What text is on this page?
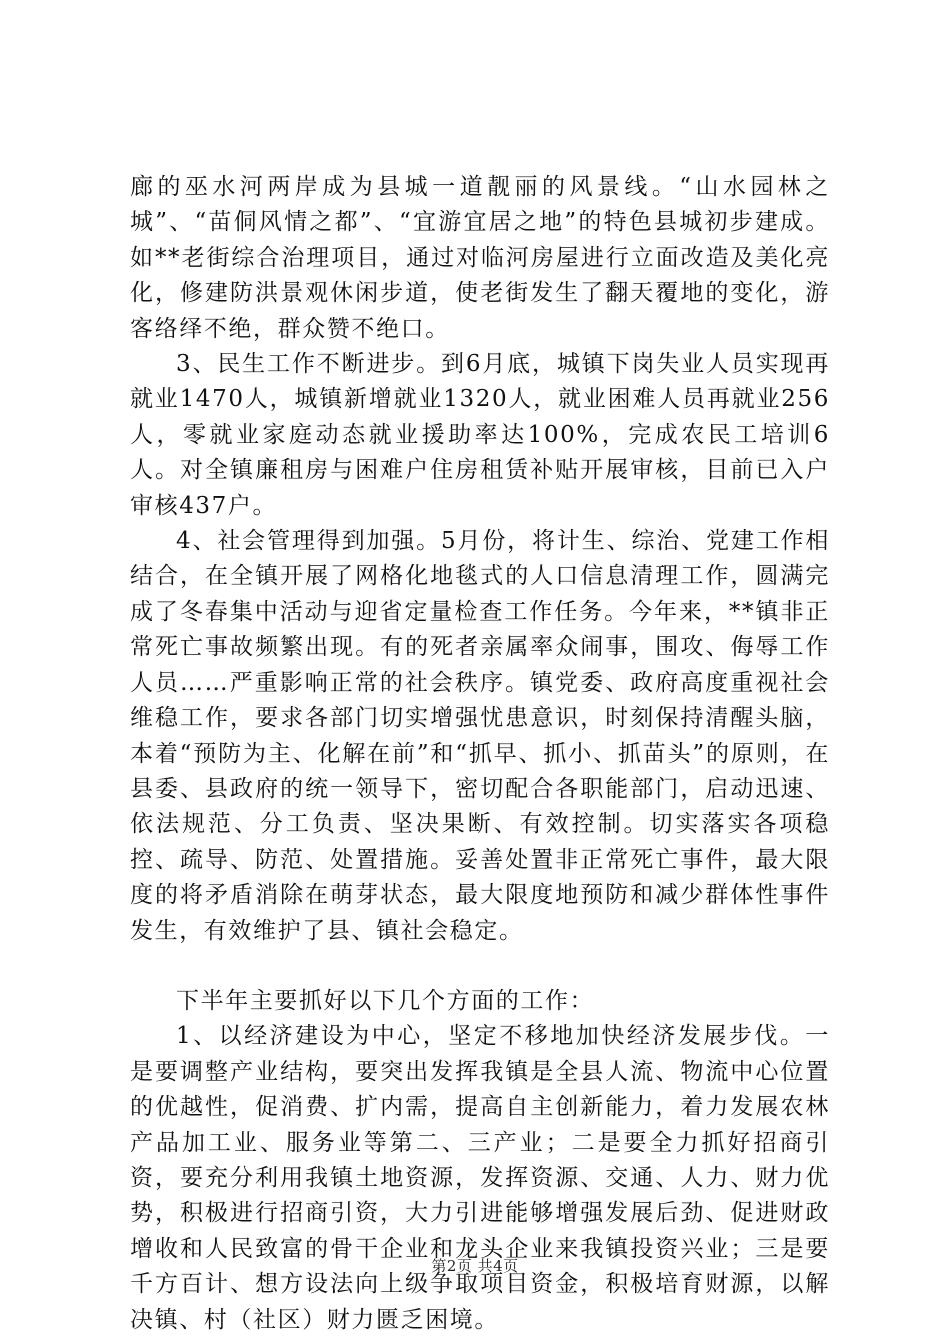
廊的巫水河两岸成为县城一道靓丽的风景线。“山水园林之城”、“苗侗风情之都”、“宜游宜居之地”的特色县城初步建成。如**老街综合治理项目，通过对临河房屋进行立面改造及美化亮化，修建防洪景观休闲步道，使老街发生了翻天覆地的变化，游客络绎不绝，群众赞不绝口。

3、民生工作不断进步。到6月底，城镇下岗失业人员实现再就业1470人，城镇新增就业1320人，就业困难人员再就业256人，零就业家庭动态就业援助率达100%，完成农民工培训6人。对全镇廉租房与困难户住房租赁补贴开展审核，目前已入户审核437户。

4、社会管理得到加强。5月份，将计生、综治、党建工作相结合，在全镇开展了网格化地毯式的人口信息清理工作，圆满完成了冬春集中活动与迎省定量检查工作任务。今年来，**镇非正常死亡事故频繁出现。有的死者亲属率众闹事，围攻、侮辱工作人员……严重影响正常的社会秩序。镇党委、政府高度重视社会维稳工作，要求各部门切实增强忧患意识，时刻保持清醒头脑，本着“预防为主、化解在前”和“抓早、抓小、抓苗头”的原则，在县委、县政府的统一领导下，密切配合各职能部门，启动迅速、依法规范、分工负责、坚决果断、有效控制。切实落实各项稳控、疏导、防范、处置措施。妥善处置非正常死亡事件，最大限度的将矛盾消除在萌芽状态，最大限度地预防和减少群体性事件发生，有效维护了县、镇社会稳定。

下半年主要抓好以下几个方面的工作：

1、以经济建设为中心，坚定不移地加快经济发展步伐。一是要调整产业结构，要突出发挥我镇是全县人流、物流中心位置的优越性，促消费、扩内需，提高自主创新能力，着力发展农林产品加工业、服务业等第二、三产业；二是要全力抓好招商引资，要充分利用我镇土地资源，发挥资源、交通、人力、财力优势，积极进行招商引资，大力引进能够增强发展后劲、促进财政增收和人民致富的骨干企业和龙头企业来我镇投资兴业；三是要千方百计、想方设法向上级争取项目资金，积极培育财源，以解决镇、村（社区）财力匮乏困境。

第2页 共4页
